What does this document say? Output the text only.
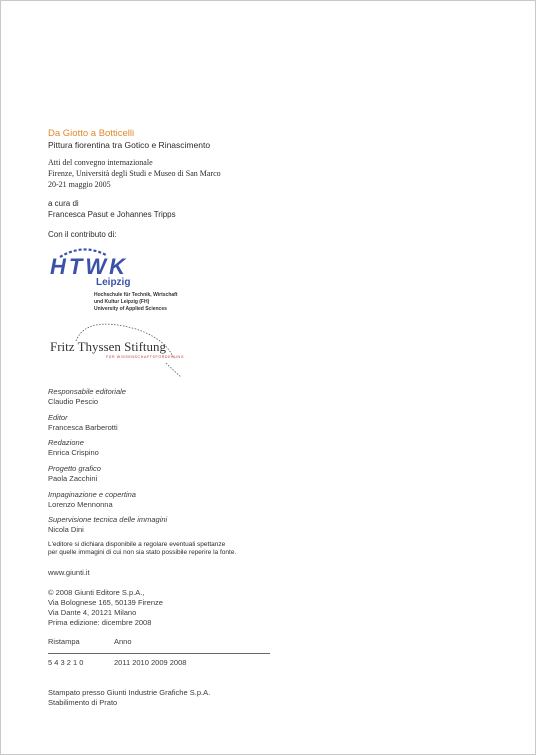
Da Giotto a Botticelli
Pittura fiorentina tra Gotico e Rinascimento
Atti del convegno internazionale
Firenze, Università degli Studi e Museo di San Marco
20-21 maggio 2005
a cura di
Francesca Pasut e Johannes Tripps
Con il contributo di:
HTWK
Leipzig
Hochschule für Technik, Wirtschaft
und Kultur Leipzig (FH)
University of Applied Sciences
Fritz Thyssen Stiftung
FÜR WISSENSCHAFTSFÖRDERUNG
Responsabile editoriale
Claudio Pescio
Editor
Francesca Barberotti
Redazione
Enrica Crispino
Progetto grafico
Paola Zacchini
Impaginazione e copertina
Lorenzo Mennonna
Supervisione tecnica delle immagini
Nicola Dini
L'editore si dichiara disponibile a regolare eventuali spettanze
per quelle immagini di cui non sia stato possibile reperire la fonte.
www.giunti.it
© 2008 Giunti Editore S.p.A.,
Via Bolognese 165, 50139 Firenze
Via Dante 4, 20121 Milano
Prima edizione: dicembre 2008
Ristampa	Anno
5 4 3 2 1 0	2011 2010 2009 2008
Stampato presso Giunti Industrie Grafiche S.p.A.
Stabilimento di Prato
